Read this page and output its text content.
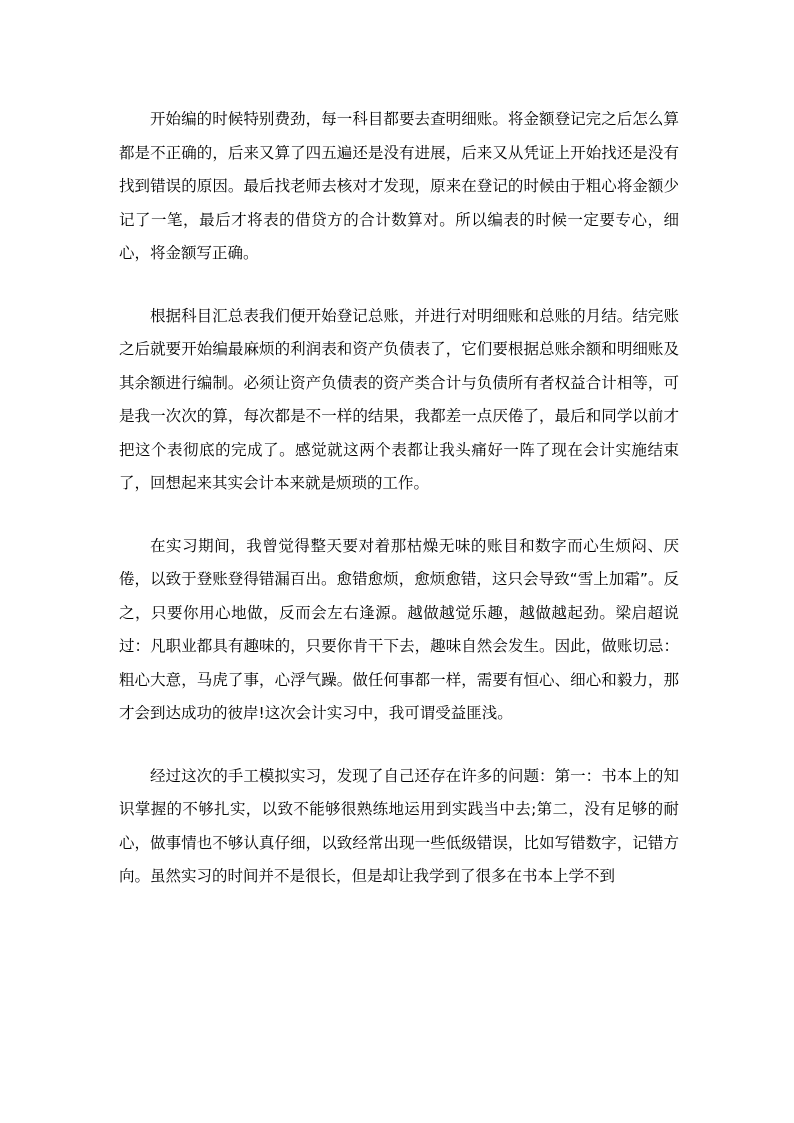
开始编的时候特别费劲，每一科目都要去查明细账。将金额登记完之后怎么算都是不正确的，后来又算了四五遍还是没有进展，后来又从凭证上开始找还是没有找到错误的原因。最后找老师去核对才发现，原来在登记的时候由于粗心将金额少记了一笔，最后才将表的借贷方的合计数算对。所以编表的时候一定要专心，细心，将金额写正确。

根据科目汇总表我们便开始登记总账，并进行对明细账和总账的月结。结完账之后就要开始编最麻烦的利润表和资产负债表了，它们要根据总账余额和明细账及其余额进行编制。必须让资产负债表的资产类合计与负债所有者权益合计相等，可是我一次次的算，每次都是不一样的结果，我都差一点厌倦了，最后和同学以前才把这个表彻底的完成了。感觉就这两个表都让我头痛好一阵了现在会计实施结束了，回想起来其实会计本来就是烦琐的工作。

在实习期间，我曾觉得整天要对着那枯燥无味的账目和数字而心生烦闷、厌倦，以致于登账登得错漏百出。愈错愈烦，愈烦愈错，这只会导致“雪上加霜”。反之，只要你用心地做，反而会左右逢源。越做越觉乐趣，越做越起劲。梁启超说过：凡职业都具有趣味的，只要你肯干下去，趣味自然会发生。因此，做账切忌：粗心大意，马虎了事，心浮气躁。做任何事都一样，需要有恒心、细心和毅力，那才会到达成功的彼岸!这次会计实习中，我可谓受益匪浅。

经过这次的手工模拟实习，发现了自己还存在许多的问题：第一：书本上的知识掌握的不够扎实，以致不能够很熟练地运用到实践当中去;第二，没有足够的耐心，做事情也不够认真仔细，以致经常出现一些低级错误，比如写错数字，记错方向。虽然实习的时间并不是很长，但是却让我学到了很多在书本上学不到
